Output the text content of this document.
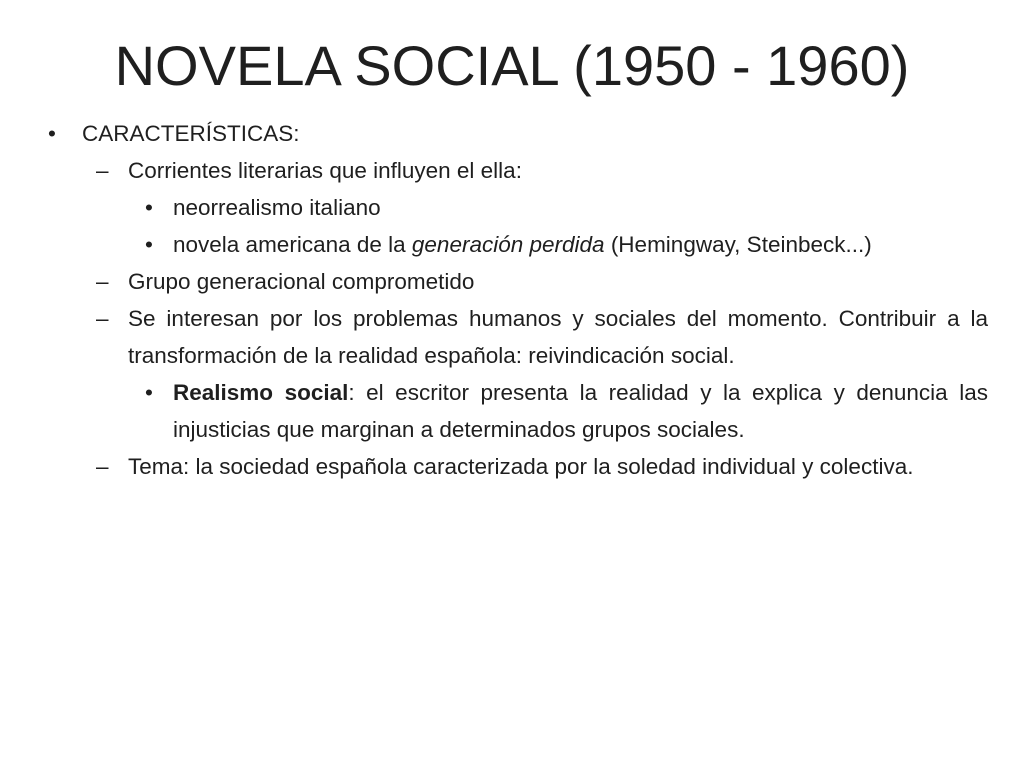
NOVELA SOCIAL (1950 - 1960)
• CARACTERÍSTICAS:
– Corrientes literarias que influyen el ella:
• neorrealismo italiano
• novela americana de la generación perdida (Hemingway, Steinbeck...)
– Grupo generacional comprometido
– Se interesan por los problemas humanos y sociales del momento. Contribuir a la transformación de la realidad española: reivindicación social.
• Realismo social: el escritor presenta la realidad y la explica y denuncia las injusticias que marginan a determinados grupos sociales.
– Tema: la sociedad española caracterizada por la soledad individual y colectiva.
